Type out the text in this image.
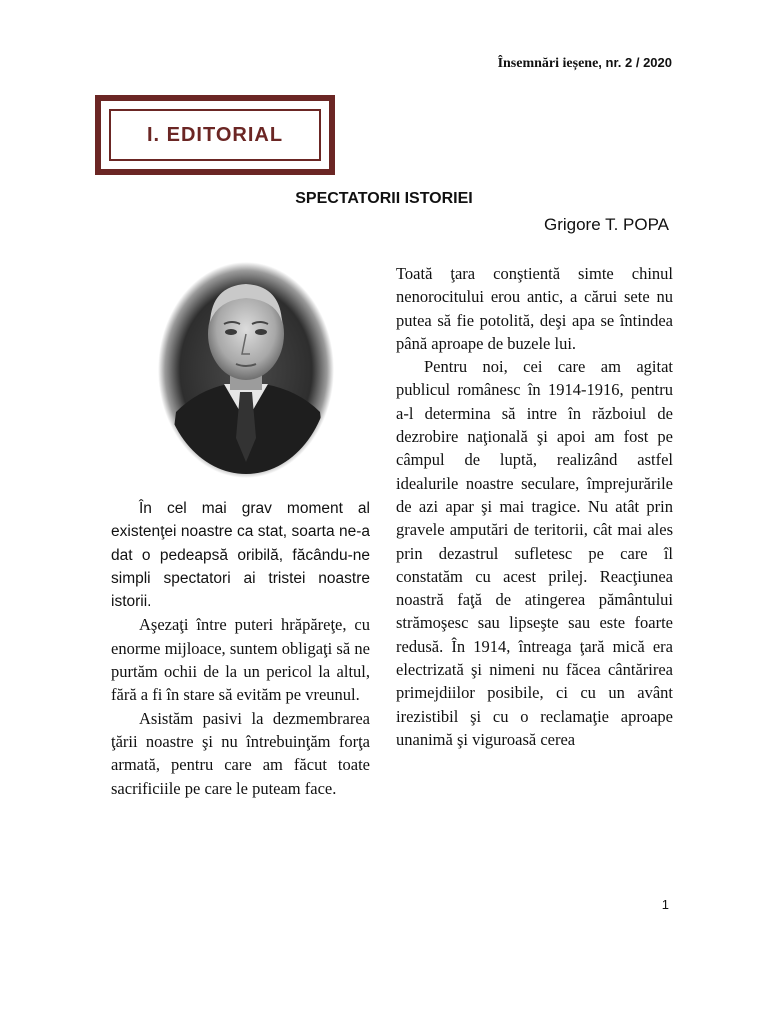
Însemnări ieșene, nr. 2 / 2020
I. EDITORIAL
SPECTATORII ISTORIEI
Grigore T. POPA

În cel mai grav moment al existenţei noastre ca stat, soarta ne-a dat o pedeapsă oribilă, făcându-ne simpli spectatori ai tristei noastre istorii.

Aşezaţi între puteri hrăpăreţe, cu enorme mijloace, suntem obligaţi să ne purtăm ochii de la un pericol la altul, fără a fi în stare să evităm pe vreunul.

Asistăm pasivi la dezmembrarea ţării noastre şi nu întrebuinţăm forţa armată, pentru care am făcut toate sacrificiile pe care le puteam face.

Toată ţara conştientă simte chinul nenorocitului erou antic, a cărui sete nu putea să fie potolită, deşi apa se întindea până aproape de buzele lui.

Pentru noi, cei care am agitat publicul românesc în 1914-1916, pentru a-l determina să intre în războiul de dezrobire naţională şi apoi am fost pe câmpul de luptă, realizând astfel idealurile noastre seculare, împrejurările de azi apar şi mai tragice. Nu atât prin gravele amputări de teritorii, cât mai ales prin dezastrul sufletesc pe care îl constatăm cu acest prilej. Reacţiunea noastră faţă de atingerea pământului strămoşesc sau lipseşte sau este foarte redusă. În 1914, întreaga ţară mică era electrizată şi nimeni nu făcea cântărirea primejdiilor posibile, ci cu un avânt irezistibil şi cu o reclamaţie aproape unanimă şi viguroasă cerea

1
